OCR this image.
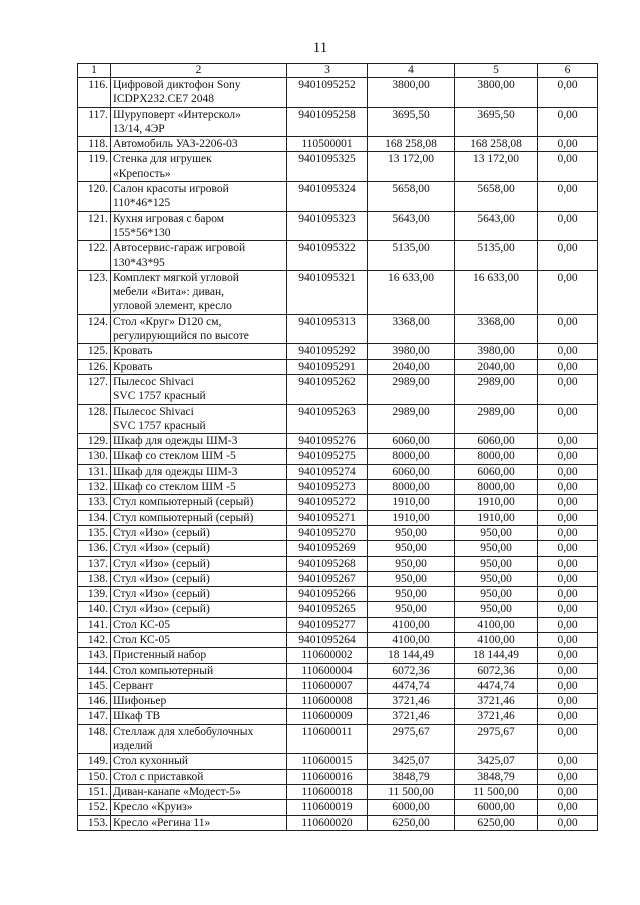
11
1	2	3	4	5	6
116.	Цифровой диктофон Sony
ICDPX232.CE7 2048	9401095252	3800,00	3800,00	0,00
117.	Шуруповерт «Интерскол»
13/14, 4ЭР	9401095258	3695,50	3695,50	0,00
118.	Автомобиль УАЗ-2206-03	110500001	168 258,08	168 258,08	0,00
119.	Стенка для игрушек
«Крепость»	9401095325	13 172,00	13 172,00	0,00
120.	Салон красоты игровой
110*46*125	9401095324	5658,00	5658,00	0,00
121.	Кухня игровая с баром
155*56*130	9401095323	5643,00	5643,00	0,00
122.	Автосервис-гараж игровой
130*43*95	9401095322	5135,00	5135,00	0,00
123.	Комплект мягкой угловой
мебели «Вита»: диван,
угловой элемент, кресло	9401095321	16 633,00	16 633,00	0,00
124.	Стол «Круг» D120 см,
регулирующийся по высоте	9401095313	3368,00	3368,00	0,00
125.	Кровать	9401095292	3980,00	3980,00	0,00
126.	Кровать	9401095291	2040,00	2040,00	0,00
127.	Пылесос Shivaci
SVC 1757 красный	9401095262	2989,00	2989,00	0,00
128.	Пылесос Shivaci
SVC 1757 красный	9401095263	2989,00	2989,00	0,00
129.	Шкаф для одежды ШМ-3	9401095276	6060,00	6060,00	0,00
130.	Шкаф со стеклом ШМ -5	9401095275	8000,00	8000,00	0,00
131.	Шкаф для одежды ШМ-3	9401095274	6060,00	6060,00	0,00
132.	Шкаф со стеклом ШМ -5	9401095273	8000,00	8000,00	0,00
133.	Стул компьютерный (серый)	9401095272	1910,00	1910,00	0,00
134.	Стул компьютерный (серый)	9401095271	1910,00	1910,00	0,00
135.	Стул «Изо» (серый)	9401095270	950,00	950,00	0,00
136.	Стул «Изо» (серый)	9401095269	950,00	950,00	0,00
137.	Стул «Изо» (серый)	9401095268	950,00	950,00	0,00
138.	Стул «Изо» (серый)	9401095267	950,00	950,00	0,00
139.	Стул «Изо» (серый)	9401095266	950,00	950,00	0,00
140.	Стул «Изо» (серый)	9401095265	950,00	950,00	0,00
141.	Стол КС-05	9401095277	4100,00	4100,00	0,00
142.	Стол КС-05	9401095264	4100,00	4100,00	0,00
143.	Пристенный набор	110600002	18 144,49	18 144,49	0,00
144.	Стол компьютерный	110600004	6072,36	6072,36	0,00
145.	Сервант	110600007	4474,74	4474,74	0,00
146.	Шифоньер	110600008	3721,46	3721,46	0,00
147.	Шкаф ТВ	110600009	3721,46	3721,46	0,00
148.	Стеллаж для хлебобулочных
изделий	110600011	2975,67	2975,67	0,00
149.	Стол кухонный	110600015	3425,07	3425,07	0,00
150.	Стол с приставкой	110600016	3848,79	3848,79	0,00
151.	Диван-канапе «Модест-5»	110600018	11 500,00	11 500,00	0,00
152.	Кресло «Круиз»	110600019	6000,00	6000,00	0,00
153.	Кресло «Регина 11»	110600020	6250,00	6250,00	0,00
